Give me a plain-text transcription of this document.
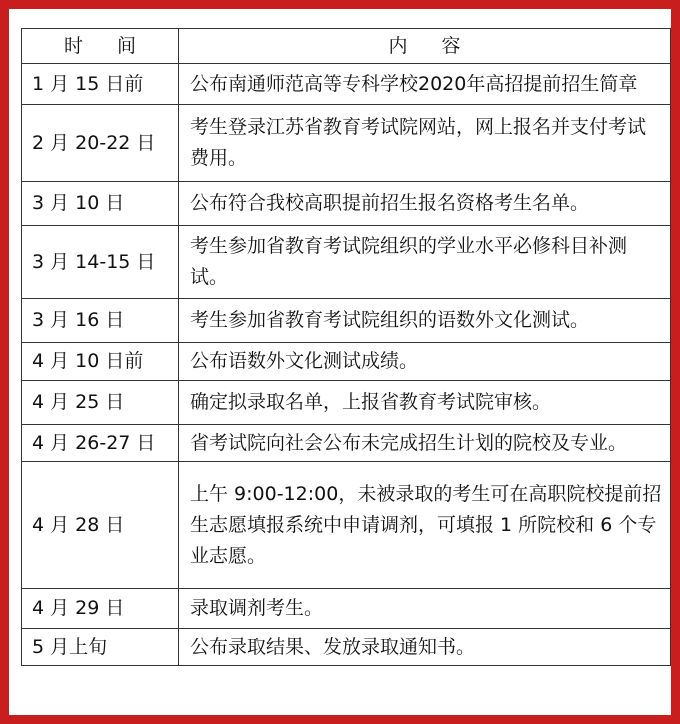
时 间	内 容
1 月 15 日前	公布南通师范高等专科学校2020年高招提前招生简章
2 月 20-22 日	考生登录江苏省教育考试院网站，网上报名并支付考试费用。
3 月 10 日	公布符合我校高职提前招生报名资格考生名单。
3 月 14-15 日	考生参加省教育考试院组织的学业水平必修科目补测试。
3 月 16 日	考生参加省教育考试院组织的语数外文化测试。
4 月 10 日前	公布语数外文化测试成绩。
4 月 25 日	确定拟录取名单，上报省教育考试院审核。
4 月 26-27 日	省考试院向社会公布未完成招生计划的院校及专业。
4 月 28 日	上午 9:00-12:00，未被录取的考生可在高职院校提前招生志愿填报系统中申请调剂，可填报 1 所院校和 6 个专业志愿。
4 月 29 日	录取调剂考生。
5 月上旬	公布录取结果、发放录取通知书。
